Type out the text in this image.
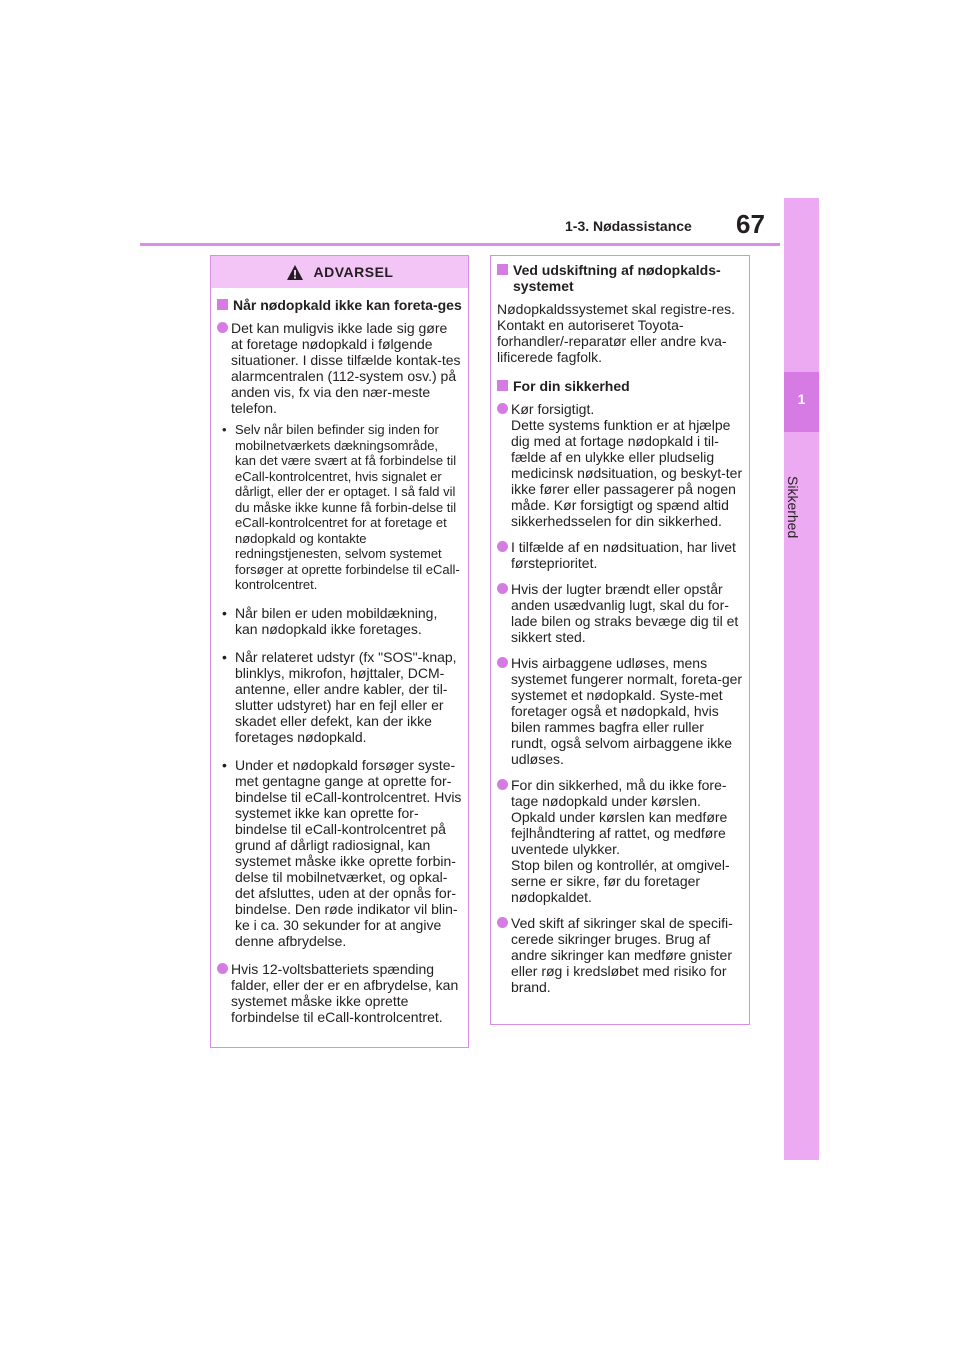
1-3. Nødassistance 67
1
Sikkerhed
ADVARSEL
Når nødopkald ikke kan foreta-ges
Det kan muligvis ikke lade sig gøre at foretage nødopkald i følgende situationer. I disse tilfælde kontak-tes alarmcentralen (112-system osv.) på anden vis, fx via den nær-meste telefon.
• Selv når bilen befinder sig inden for mobilnetværkets dækningsområde, kan det være svært at få forbindelse til eCall-kontrolcentret, hvis signalet er dårligt, eller der er optaget. I så fald vil du måske ikke kunne få forbin-delse til eCall-kontrolcentret for at foretage et nødopkald og kontakte redningstjenesten, selvom systemet forsøger at oprette forbindelse til eCall-kontrolcentret.
• Når bilen er uden mobildækning, kan nødopkald ikke foretages.
• Når relateret udstyr (fx "SOS"-knap, blinklys, mikrofon, højttaler, DCM-antenne, eller andre kabler, der til-slutter udstyret) har en fejl eller er skadet eller defekt, kan der ikke foretages nødopkald.
• Under et nødopkald forsøger syste-met gentagne gange at oprette for-bindelse til eCall-kontrolcentret. Hvis systemet ikke kan oprette for-bindelse til eCall-kontrolcentret på grund af dårligt radiosignal, kan systemet måske ikke oprette forbin-delse til mobilnetværket, og opkal-det afsluttes, uden at der opnås for-bindelse. Den røde indikator vil blin-ke i ca. 30 sekunder for at angive denne afbrydelse.
Hvis 12-voltsbatteriets spænding falder, eller der er en afbrydelse, kan systemet måske ikke oprette forbindelse til eCall-kontrolcentret.
Ved udskiftning af nødopkalds-systemet

Nødopkaldssystemet skal registre-res. Kontakt en autoriseret Toyota-forhandler/-reparatør eller andre kva-lificerede fagfolk.

For din sikkerhed
Kør forsigtigt.
Dette systems funktion er at hjælpe dig med at fortage nødopkald i til-fælde af en ulykke eller pludselig medicinsk nødsituation, og beskyt-ter ikke fører eller passagerer på nogen måde. Kør forsigtigt og spænd altid sikkerhedsselen for din sikkerhed.
I tilfælde af en nødsituation, har livet førsteprioritet.
Hvis der lugter brændt eller opstår anden usædvanlig lugt, skal du for-lade bilen og straks bevæge dig til et sikkert sted.
Hvis airbaggene udløses, mens systemet fungerer normalt, foreta-ger systemet et nødopkald. Syste-met foretager også et nødopkald, hvis bilen rammes bagfra eller ruller rundt, også selvom airbaggene ikke udløses.
For din sikkerhed, må du ikke fore-tage nødopkald under kørslen. Opkald under kørslen kan medføre fejlhåndtering af rattet, og medføre uventede ulykker.
Stop bilen og kontrollér, at omgivel-serne er sikre, før du foretager nødopkaldet.
Ved skift af sikringer skal de specifi-cerede sikringer bruges. Brug af andre sikringer kan medføre gnister eller røg i kredsløbet med risiko for brand.
